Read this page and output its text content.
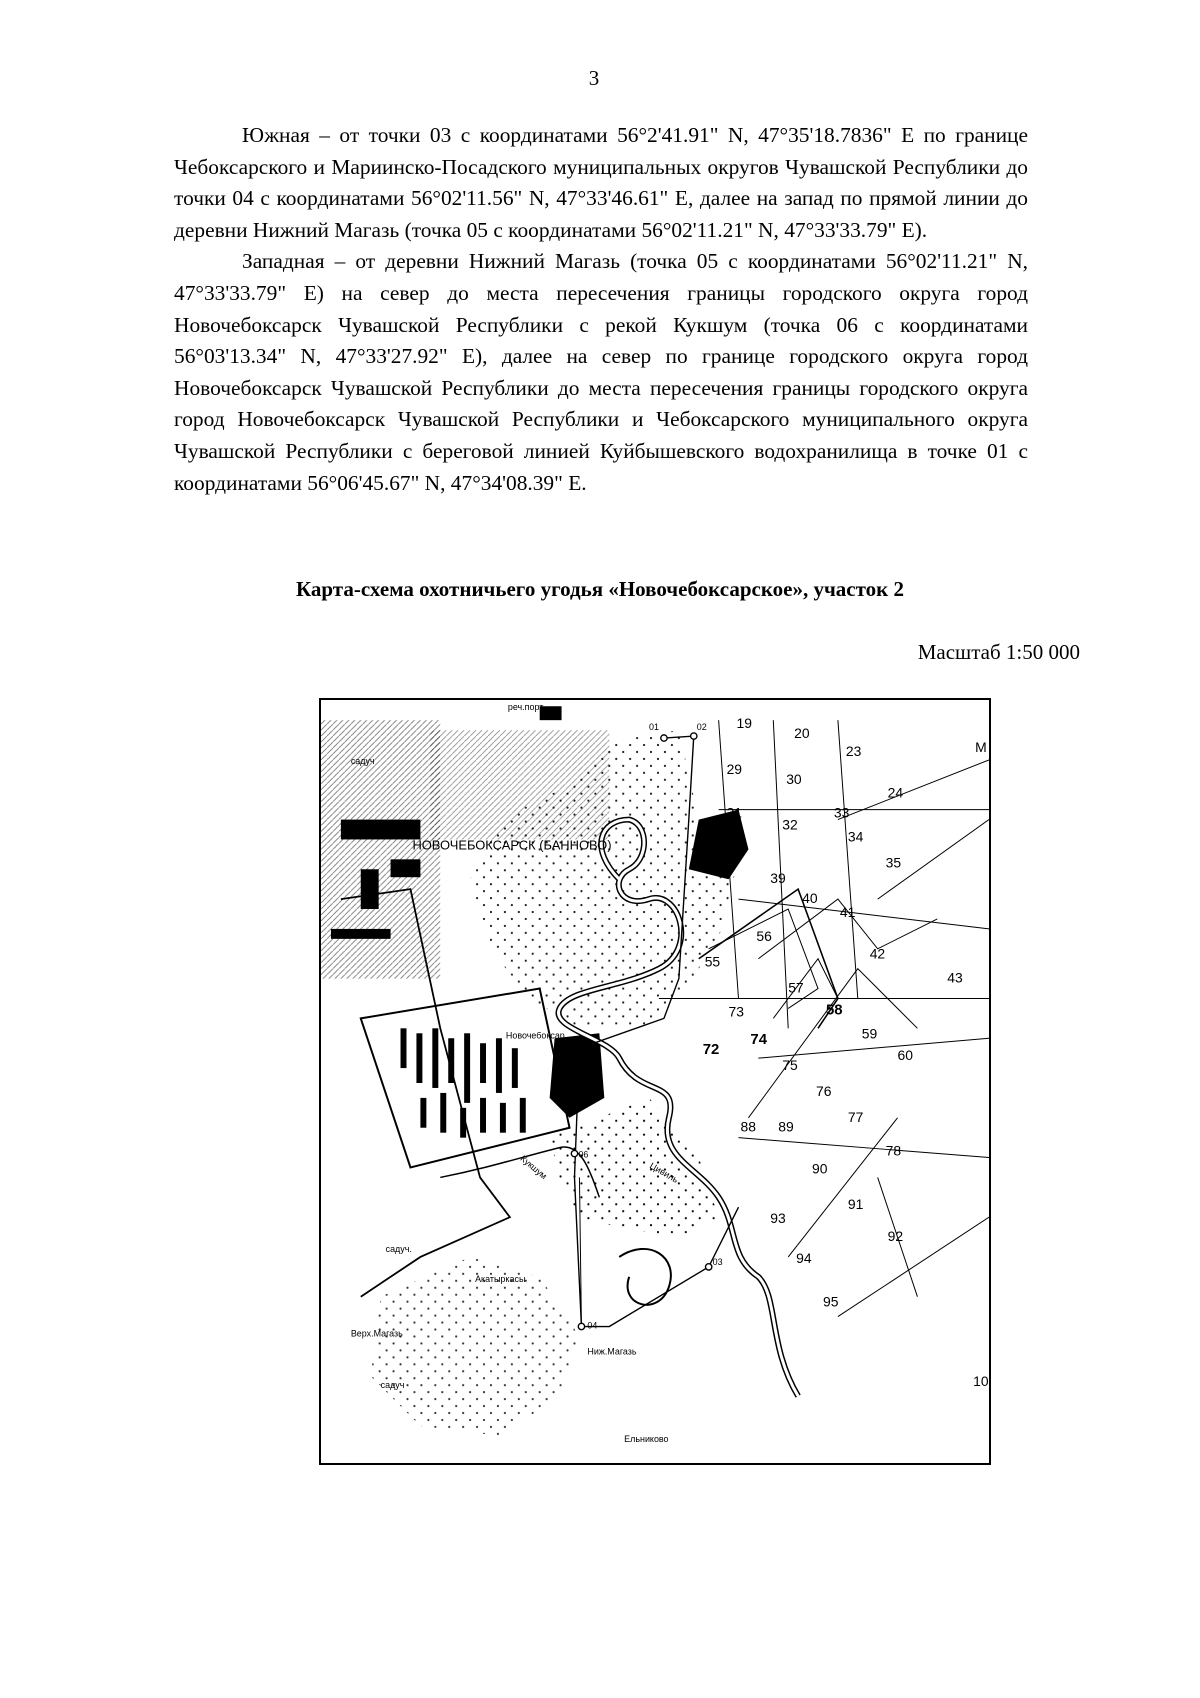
3

Южная – от точки 03 с координатами 56°2'41.91" N, 47°35'18.7836" E по границе Чебоксарского и Мариинско-Посадского муниципальных округов Чувашской Республики до точки 04 с координатами 56°02'11.56" N, 47°33'46.61" E, далее на запад по прямой линии до деревни Нижний Магазь (точка 05 с координатами 56°02'11.21" N, 47°33'33.79" E).

Западная – от деревни Нижний Магазь (точка 05 с координатами 56°02'11.21" N, 47°33'33.79" E) на север до места пересечения границы городского округа город Новочебоксарск Чувашской Республики с рекой Кукшум (точка 06 с координатами 56°03'13.34" N, 47°33'27.92" E), далее на север по границе городского округа город Новочебоксарск Чувашской Республики до места пересечения границы городского округа город Новочебоксарск Чувашской Республики и Чебоксарского муниципального округа Чувашской Республики с береговой линией Куйбышевского водохранилища в точке 01 с координатами 56°06'45.67" N, 47°34'08.39" E.

Карта-схема охотничьего угодья «Новочебоксарское», участок 2
Масштаб 1:50 000
НОВОЧЕБОКСАРСК (БАННОВО)
реч.порт
садуч
садуч.
садуч
Новочебоксар
Акатыркасы
Верх.Магазь
Ниж.Магазь
Ельниково
Цивиль
Кукшум
01	02
03
04
06
19
20
23
24
29
30
31
32
33
34
35
39
40
41
42
43
55
56
57
58
59
60
72
73
74
75
76
77
78
88 89
90
91
92
93
94
95
М
10
